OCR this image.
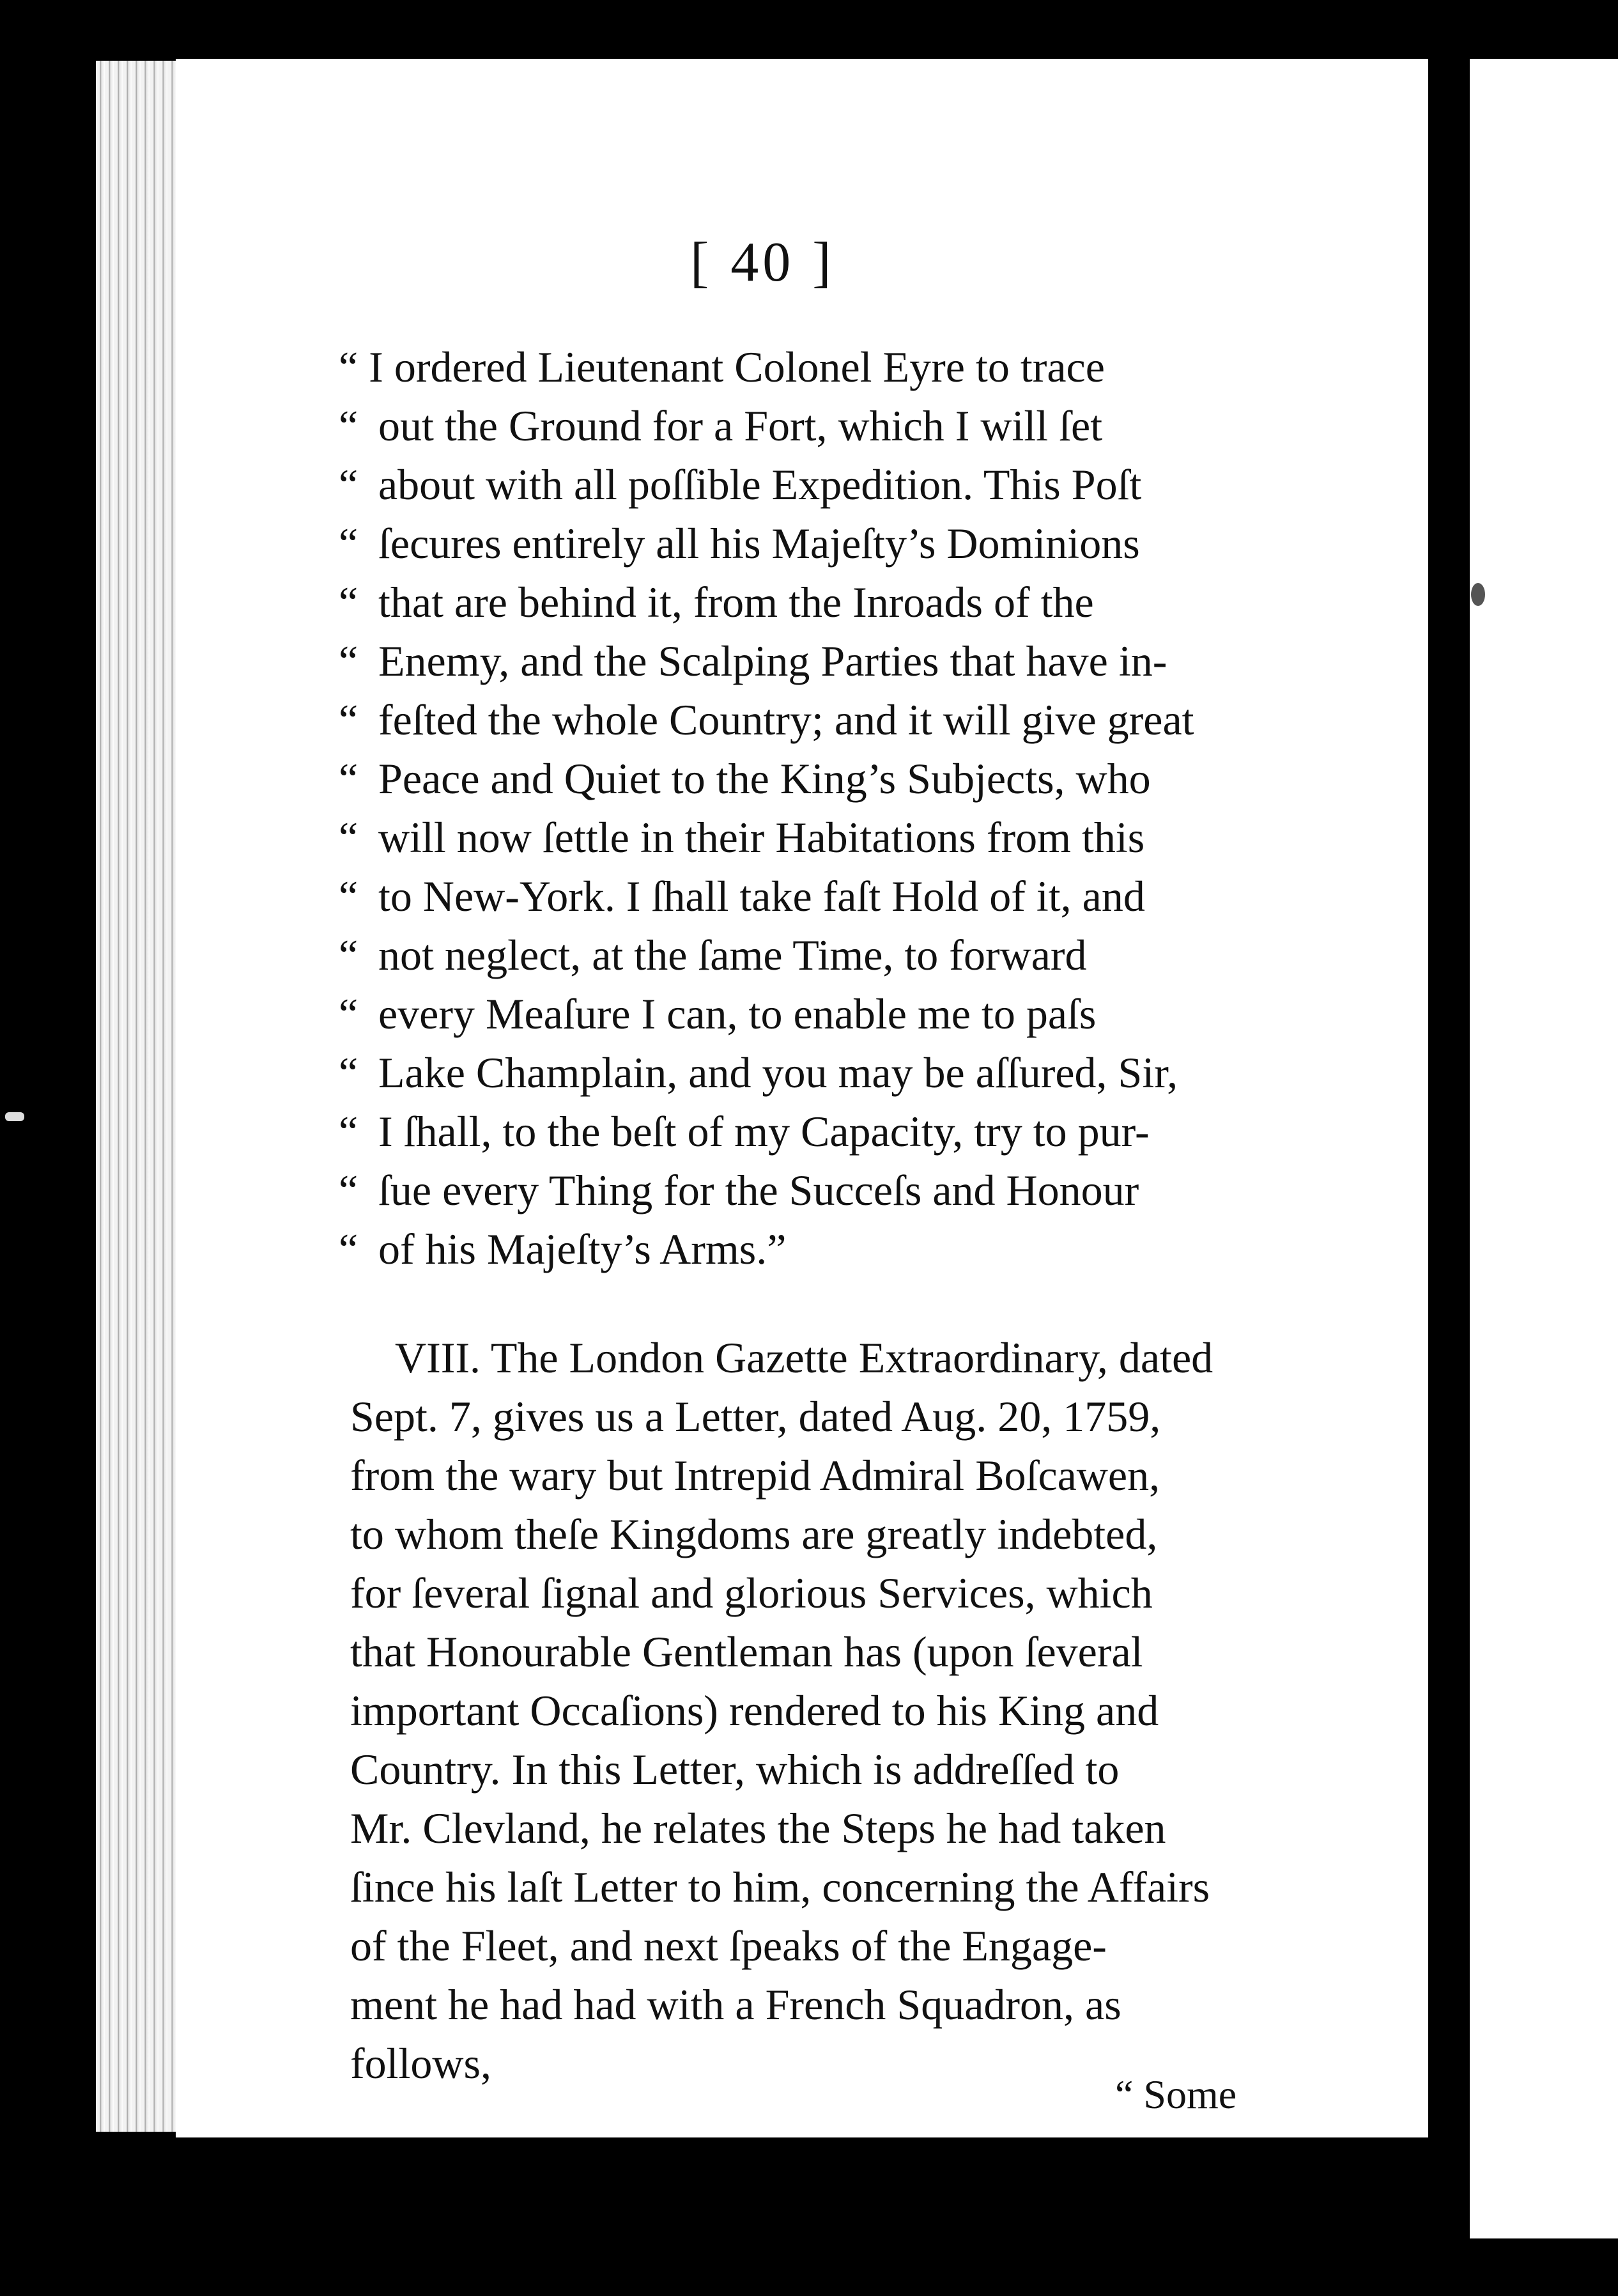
[ 40 ]
“ I ordered Lieutenant Colonel Eyre to trace
“ out the Ground for a Fort, which I will ſet
“ about with all poſſible Expedition. This Poſt
“ ſecures entirely all his Majeſty’s Dominions
“ that are behind it, from the Inroads of the
“ Enemy, and the Scalping Parties that have in-
“ feſted the whole Country; and it will give great
“ Peace and Quiet to the King’s Subjects, who
“ will now ſettle in their Habitations from this
“ to New-York. I ſhall take faſt Hold of it, and
“ not neglect, at the ſame Time, to forward
“ every Meaſure I can, to enable me to paſs
“ Lake Champlain, and you may be aſſured, Sir,
“ I ſhall, to the beſt of my Capacity, try to pur-
“ ſue every Thing for the Succeſs and Honour
“ of his Majeſty’s Arms.”
VIII. The London Gazette Extraordinary, dated
Sept. 7, gives us a Letter, dated Aug. 20, 1759,
from the wary but Intrepid Admiral Boſcawen,
to whom theſe Kingdoms are greatly indebted,
for ſeveral ſignal and glorious Services, which
that Honourable Gentleman has (upon ſeveral
important Occaſions) rendered to his King and
Country. In this Letter, which is addreſſed to
Mr. Clevland, he relates the Steps he had taken
ſince his laſt Letter to him, concerning the Affairs
of the Fleet, and next ſpeaks of the Engage-
ment he had had with a French Squadron, as
follows,
“ Some
